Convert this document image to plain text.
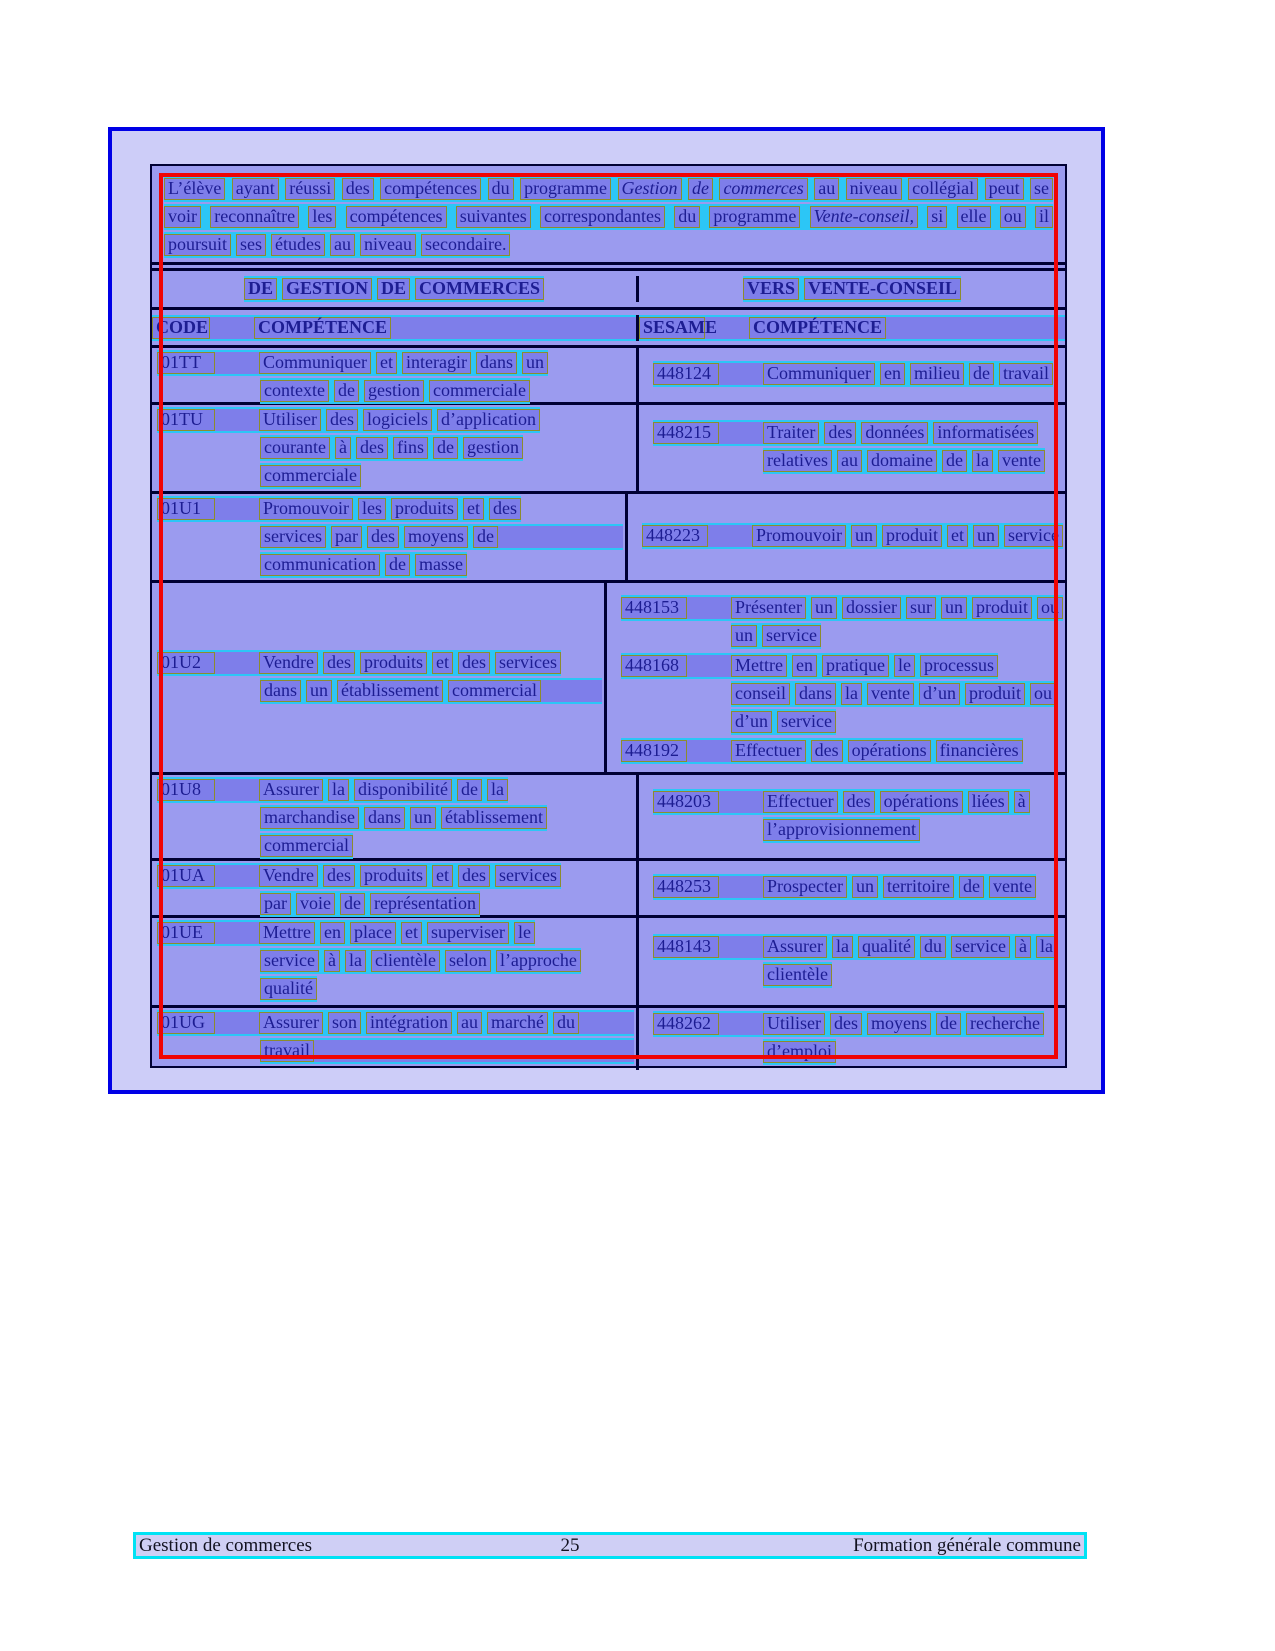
L’élève ayant réussi des compétences du programme Gestion de commerces au niveau collégial peut se
voir reconnaître les compétences suivantes correspondantes du programme Vente-conseil, si elle ou il
poursuit ses études au niveau secondaire.
DE GESTION DE COMMERCES	VERS VENTE-CONSEIL
CODE	COMPÉTENCE	SESAME COMPÉTENCE
01TT	Communiquer et interagir dans un
contexte de gestion commerciale
448124	Communiquer en milieu de travail
01TU	Utiliser des logiciels d’application
courante à des fins de gestion
commerciale
448215	Traiter des données informatisées
relatives au domaine de la vente
01U1	Promouvoir les produits et des
services par des moyens de
communication de masse
448223	Promouvoir un produit et un service
01U2	Vendre des produits et des services
dans un établissement commercial
448153	Présenter un dossier sur un produit ou
un service
448168	Mettre en pratique le processus
conseil dans la vente d’un produit ou
d’un service
448192	Effectuer des opérations financières
01U8	Assurer la disponibilité de la
marchandise dans un établissement
commercial
448203	Effectuer des opérations liées à
l’approvisionnement
01UA	Vendre des produits et des services
par voie de représentation
448253	Prospecter un territoire de vente
01UE	Mettre en place et superviser le
service à la clientèle selon l’approche
qualité
448143	Assurer la qualité du service à la
clientèle
01UG	Assurer son intégration au marché du
travail
448262	Utiliser des moyens de recherche
d’emploi
Gestion de commerces	25	Formation générale commune
